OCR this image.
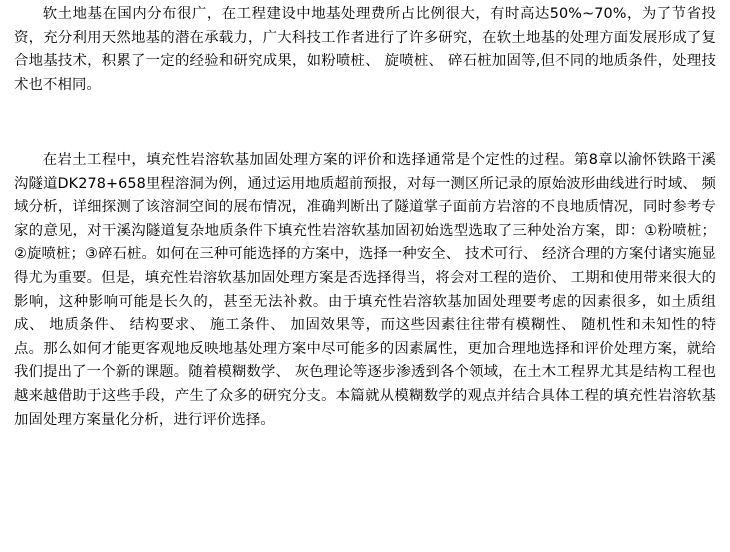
软土地基在国内分布很广，在工程建设中地基处理费所占比例很大，有时高达50%~70%，为了节省投资，充分利用天然地基的潜在承载力，广大科技工作者进行了许多研究，在软土地基的处理方面发展形成了复合地基技术，积累了一定的经验和研究成果，如粉喷桩、 旋喷桩、 碎石桩加固等,但不同的地质条件，处理技术也不相同。

在岩土工程中，填充性岩溶软基加固处理方案的评价和选择通常是个定性的过程。第8章以渝怀铁路干溪沟隧道DK278+658里程溶洞为例，通过运用地质超前预报，对每一测区所记录的原始波形曲线进行时域、 频域分析，详细探测了该溶洞空间的展布情况，准确判断出了隧道掌子面前方岩溶的不良地质情况，同时参考专家的意见，对干溪沟隧道复杂地质条件下填充性岩溶软基加固初始选型选取了三种处治方案，即：①粉喷桩；②旋喷桩；③碎石桩。如何在三种可能选择的方案中，选择一种安全、 技术可行、 经济合理的方案付诸实施显得尤为重要。但是，填充性岩溶软基加固处理方案是否选择得当，将会对工程的造价、 工期和使用带来很大的影响，这种影响可能是长久的，甚至无法补救。由于填充性岩溶软基加固处理要考虑的因素很多，如土质组成、 地质条件、 结构要求、 施工条件、 加固效果等，而这些因素往往带有模糊性、 随机性和未知性的特点。那么如何才能更客观地反映地基处理方案中尽可能多的因素属性，更加合理地选择和评价处理方案，就给我们提出了一个新的课题。随着模糊数学、 灰色理论等逐步渗透到各个领域，在土木工程界尤其是结构工程也越来越借助于这些手段，产生了众多的研究分支。本篇就从模糊数学的观点并结合具体工程的填充性岩溶软基加固处理方案量化分析，进行评价选择。
